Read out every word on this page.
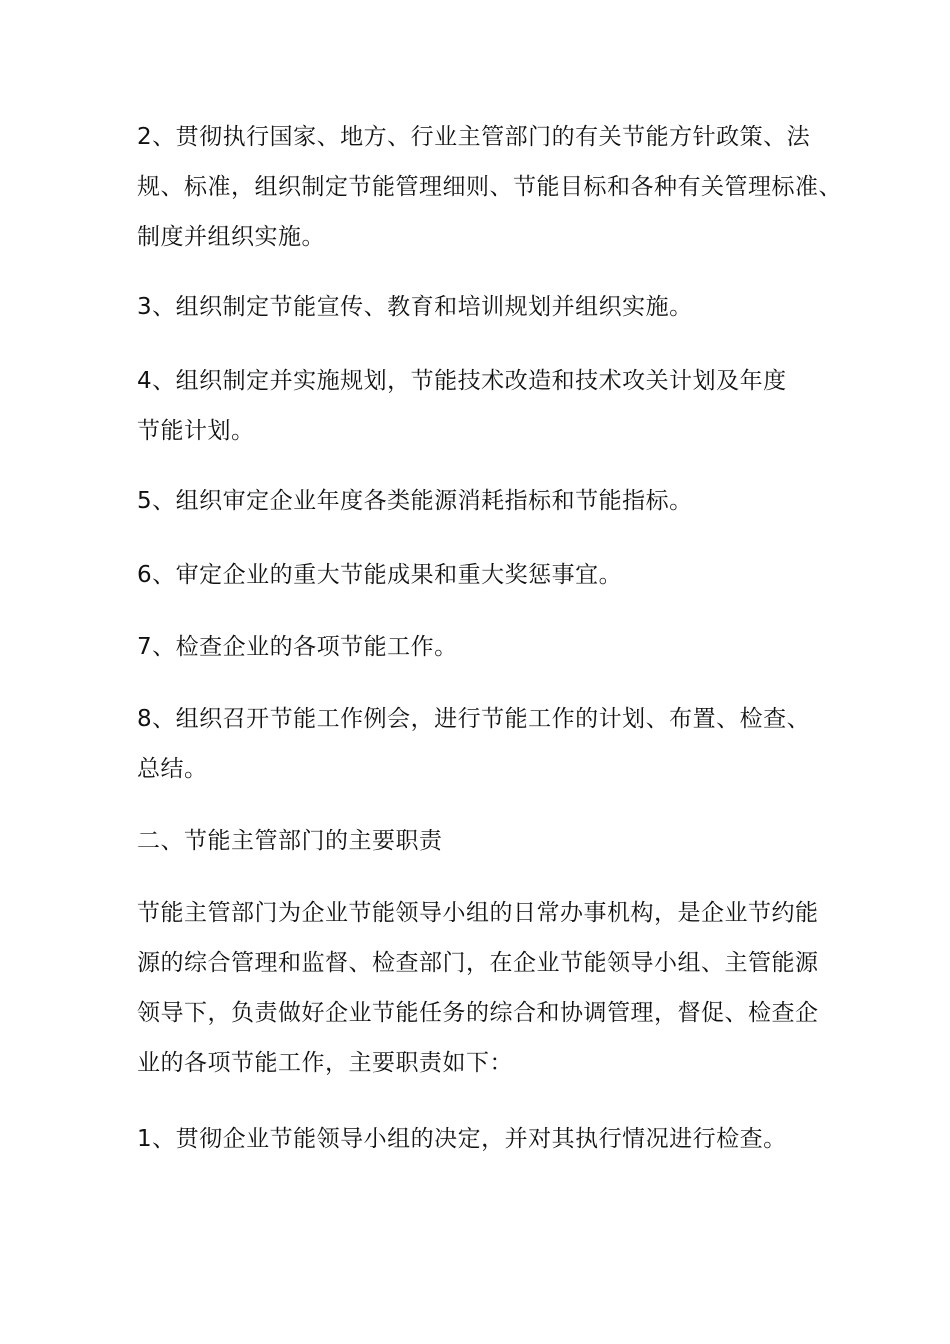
2、贯彻执行国家、地方、行业主管部门的有关节能方针政策、法
规、标准，组织制定节能管理细则、节能目标和各种有关管理标准、
制度并组织实施。
3、组织制定节能宣传、教育和培训规划并组织实施。
4、组织制定并实施规划，节能技术改造和技术攻关计划及年度
节能计划。
5、组织审定企业年度各类能源消耗指标和节能指标。
6、审定企业的重大节能成果和重大奖惩事宜。
7、检查企业的各项节能工作。
8、组织召开节能工作例会，进行节能工作的计划、布置、检查、
总结。
二、节能主管部门的主要职责
节能主管部门为企业节能领导小组的日常办事机构，是企业节约能
源的综合管理和监督、检查部门，在企业节能领导小组、主管能源
领导下，负责做好企业节能任务的综合和协调管理，督促、检查企
业的各项节能工作，主要职责如下：
1、贯彻企业节能领导小组的决定，并对其执行情况进行检查。
